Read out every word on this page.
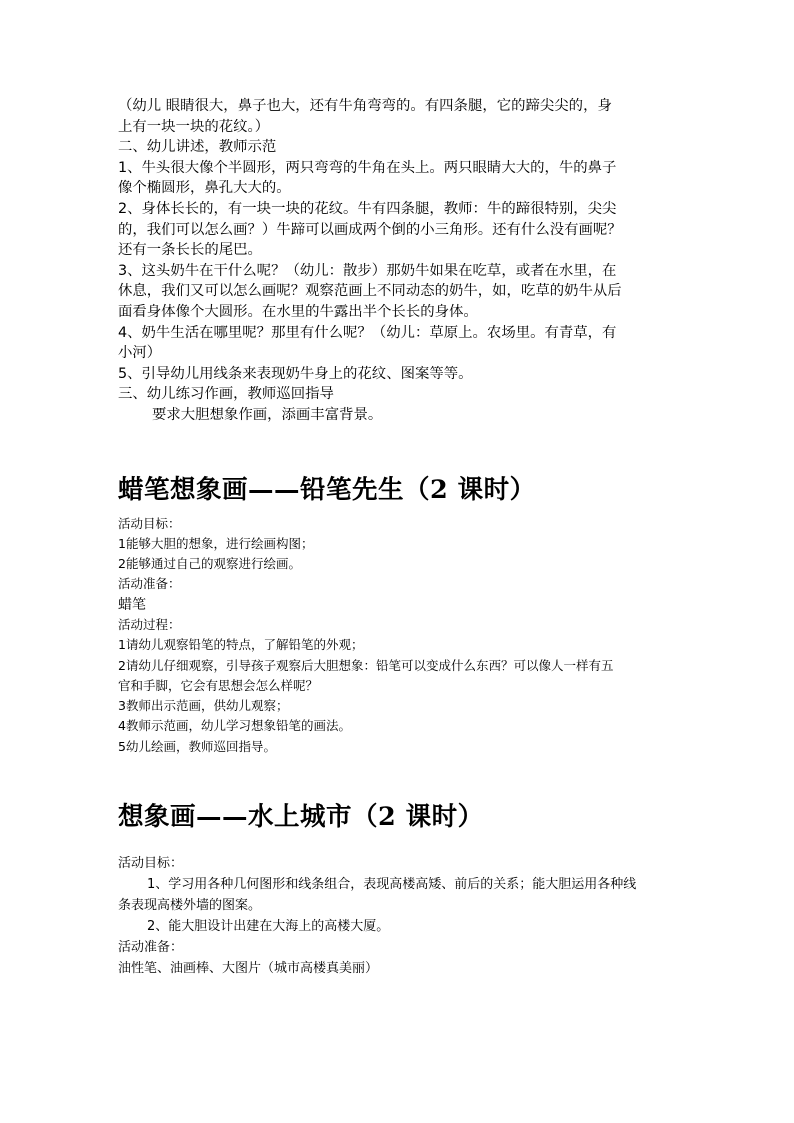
（幼儿 眼睛很大，鼻子也大，还有牛角弯弯的。有四条腿，它的蹄尖尖的，身

上有一块一块的花纹。）

二、幼儿讲述，教师示范

1、牛头很大像个半圆形，两只弯弯的牛角在头上。两只眼睛大大的，牛的鼻子

像个椭圆形，鼻孔大大的。

2、身体长长的，有一块一块的花纹。牛有四条腿，教师：牛的蹄很特别，尖尖

的，我们可以怎么画？）牛蹄可以画成两个倒的小三角形。还有什么没有画呢？

还有一条长长的尾巴。

3、这头奶牛在干什么呢？（幼儿：散步）那奶牛如果在吃草，或者在水里，在

休息，我们又可以怎么画呢？观察范画上不同动态的奶牛，如，吃草的奶牛从后

面看身体像个大圆形。在水里的牛露出半个长长的身体。

4、奶牛生活在哪里呢？那里有什么呢？（幼儿：草原上。农场里。有青草，有

小河）

5、引导幼儿用线条来表现奶牛身上的花纹、图案等等。

三、幼儿练习作画，教师巡回指导

要求大胆想象作画，添画丰富背景。

蜡笔想象画——铅笔先生（2 课时）

活动目标：

1能够大胆的想象，进行绘画构图；

2能够通过自己的观察进行绘画。

活动准备：

蜡笔

活动过程：

1请幼儿观察铅笔的特点，了解铅笔的外观；

2请幼儿仔细观察，引导孩子观察后大胆想象：铅笔可以变成什么东西？可以像人一样有五

官和手脚，它会有思想会怎么样呢？

3教师出示范画，供幼儿观察；

4教师示范画，幼儿学习想象铅笔的画法。

5幼儿绘画，教师巡回指导。

想象画——水上城市（2 课时）

活动目标：

1、学习用各种几何图形和线条组合，表现高楼高矮、前后的关系；能大胆运用各种线

条表现高楼外墙的图案。

2、能大胆设计出建在大海上的高楼大厦。

活动准备：

油性笔、油画棒、大图片（城市高楼真美丽）
